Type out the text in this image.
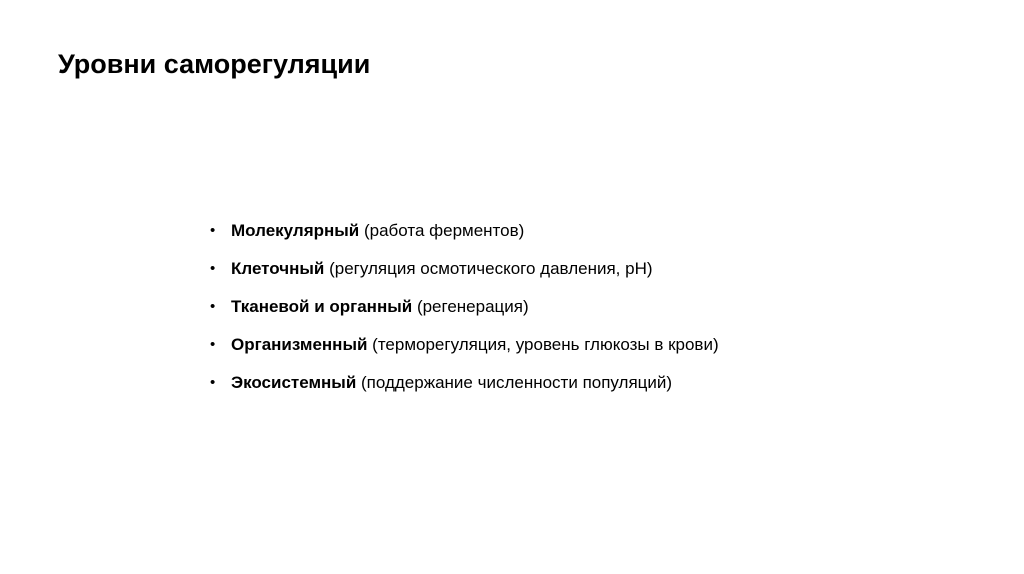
Уровни саморегуляции
• Молекулярный (работа ферментов)
• Клеточный (регуляция осмотического давления, рН)
• Тканевой и органный (регенерация)
• Организменный (терморегуляция, уровень глюкозы в крови)
• Экосистемный (поддержание численности популяций)
